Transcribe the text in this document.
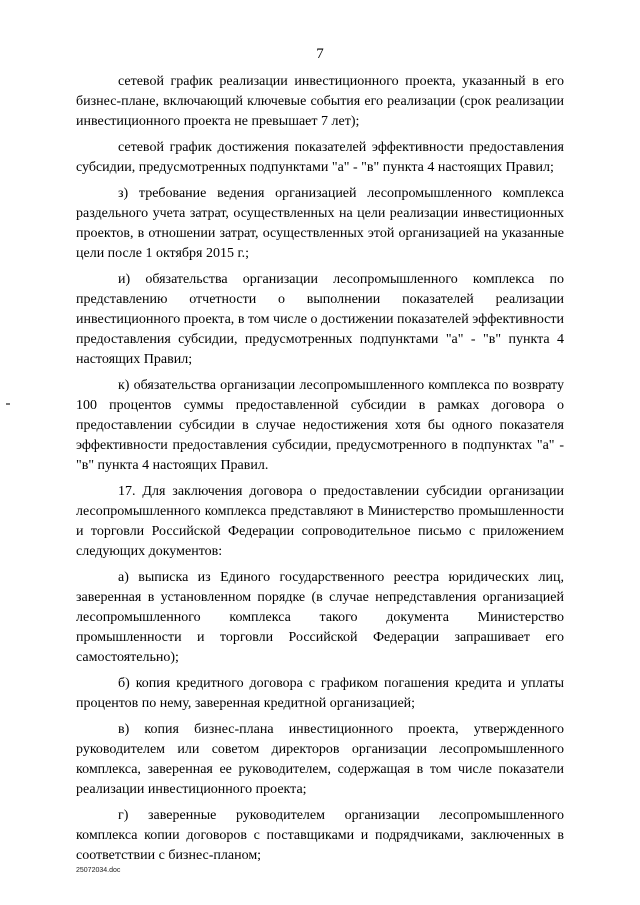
7

сетевой график реализации инвестиционного проекта, указанный в его бизнес-плане, включающий ключевые события его реализации (срок реализации инвестиционного проекта не превышает 7 лет);

сетевой график достижения показателей эффективности предоставления субсидии, предусмотренных подпунктами "а" - "в" пункта 4 настоящих Правил;

з) требование ведения организацией лесопромышленного комплекса раздельного учета затрат, осуществленных на цели реализации инвестиционных проектов, в отношении затрат, осуществленных этой организацией на указанные цели после 1 октября 2015 г.;

и) обязательства организации лесопромышленного комплекса по представлению отчетности о выполнении показателей реализации инвестиционного проекта, в том числе о достижении показателей эффективности предоставления субсидии, предусмотренных подпунктами "а" - "в" пункта 4 настоящих Правил;

к) обязательства организации лесопромышленного комплекса по возврату 100 процентов суммы предоставленной субсидии в рамках договора о предоставлении субсидии в случае недостижения хотя бы одного показателя эффективности предоставления субсидии, предусмотренного в подпунктах "а" - "в" пункта 4 настоящих Правил.

17. Для заключения договора о предоставлении субсидии организации лесопромышленного комплекса представляют в Министерство промышленности и торговли Российской Федерации сопроводительное письмо с приложением следующих документов:

а) выписка из Единого государственного реестра юридических лиц, заверенная в установленном порядке (в случае непредставления организацией лесопромышленного комплекса такого документа Министерство промышленности и торговли Российской Федерации запрашивает его самостоятельно);

б) копия кредитного договора с графиком погашения кредита и уплаты процентов по нему, заверенная кредитной организацией;

в) копия бизнес-плана инвестиционного проекта, утвержденного руководителем или советом директоров организации лесопромышленного комплекса, заверенная ее руководителем, содержащая в том числе показатели реализации инвестиционного проекта;

г) заверенные руководителем организации лесопромышленного комплекса копии договоров с поставщиками и подрядчиками, заключенных в соответствии с бизнес-планом;

25072034.doc
